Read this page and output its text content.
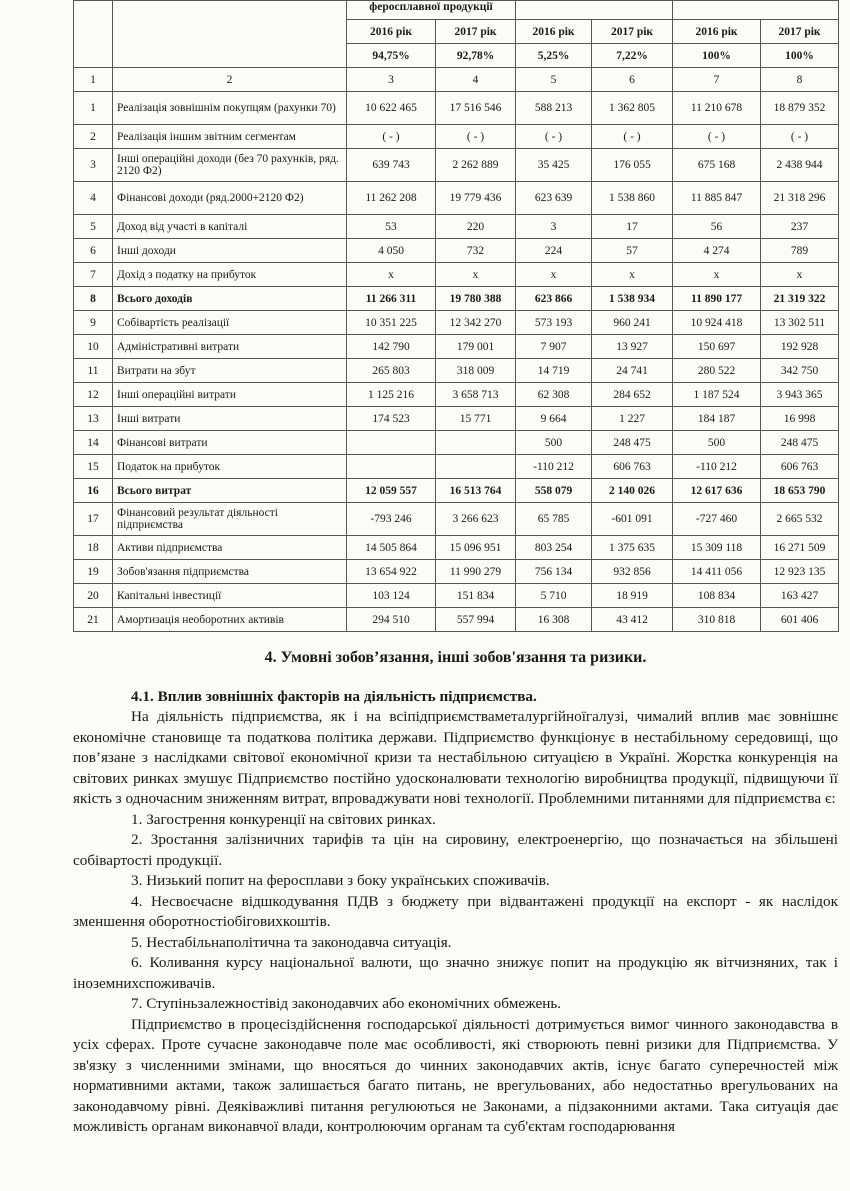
		феросплавної продукції					
		2016 рік	2017 рік	2016 рік	2017 рік	2016 рік	2017 рік
		94,75%	92,78%	5,25%	7,22%	100%	100%
1	2	3	4	5	6	7	8
1	Реалізація зовнішнім покупцям (рахунки 70)	10 622 465	17 516 546	588 213	1 362 805	11 210 678	18 879 352
2	Реалізація іншим звітним сегментам	( - )	( - )	( - )	( - )	( - )	( - )
3	Інші операційні доходи (без 70 рахунків, ряд. 2120 Ф2)	639 743	2 262 889	35 425	176 055	675 168	2 438 944
4	Фінансові доходи (ряд.2000+2120 Ф2)	11 262 208	19 779 436	623 639	1 538 860	11 885 847	21 318 296
5	Доход від участі в капіталі	53	220	3	17	56	237
6	Інші доходи	4 050	732	224	57	4 274	789
7	Дохід з податку на прибуток	х	х	х	х	х	х
8	Всього доходів	11 266 311	19 780 388	623 866	1 538 934	11 890 177	21 319 322
9	Собівартість реалізації	10 351 225	12 342 270	573 193	960 241	10 924 418	13 302 511
10	Адміністративні витрати	142 790	179 001	7 907	13 927	150 697	192 928
11	Витрати на збут	265 803	318 009	14 719	24 741	280 522	342 750
12	Інші операційні витрати	1 125 216	3 658 713	62 308	284 652	1 187 524	3 943 365
13	Інші витрати	174 523	15 771	9 664	1 227	184 187	16 998
14	Фінансові витрати			500	248 475	500	248 475
15	Податок на прибуток			-110 212	606 763	-110 212	606 763
16	Всього витрат	12 059 557	16 513 764	558 079	2 140 026	12 617 636	18 653 790
17	Фінансовий результат діяльності підприємства	-793 246	3 266 623	65 785	-601 091	-727 460	2 665 532
18	Активи підприємства	14 505 864	15 096 951	803 254	1 375 635	15 309 118	16 271 509
19	Зобов'язання підприємства	13 654 922	11 990 279	756 134	932 856	14 411 056	12 923 135
20	Капітальні інвестиції	103 124	151 834	5 710	18 919	108 834	163 427
21	Амортизація необоротних активів	294 510	557 994	16 308	43 412	310 818	601 406

4. Умовні зобов’язання, інші зобов'язання та ризики.

4.1. Вплив зовнішніх факторів на діяльність підприємства.

На діяльність підприємства, як і на всіпідприємстваметалургійноїгалузі, чималий вплив має зовнішнє економічне становище та податкова політика держави. Підприємство функціонує в нестабільному середовищі, що пов’язане з наслідками світової економічної кризи та нестабільною ситуацією в Україні. Жорстка конкуренція на світових ринках змушує Підприємство постійно удосконалювати технологію виробництва продукції, підвищуючи її якість з одночасним зниженням витрат, впроваджувати нові технології. Проблемними питаннями для підприємства є:

1. Загострення конкуренції на світових ринках.

2. Зростання залізничних тарифів та цін на сировину, електроенергію, що позначається на збільшені собівартості продукції.

3. Низький попит на феросплави з боку українських споживачів.

4. Несвоєчасне відшкодування ПДВ з бюджету при відвантажені продукції на експорт - як наслідок зменшення оборотностіобіговихкоштів.

5. Нестабільнаполітична та законодавча ситуація.

6. Коливання курсу національної валюти, що значно знижує попит на продукцію як вітчизняних, так і іноземнихспоживачів.

7. Ступіньзалежностівід законодавчих або економічних обмежень.

Підприємство в процесіздійснення господарської діяльності дотримується вимог чинного законодавства в усіх сферах. Проте сучасне законодавче поле має особливості, які створюють певні ризики для Підприємства. У зв'язку з численними змінами, що вносяться до чинних законодавчих актів, існує багато суперечностей між нормативними актами, також залишається багато питань, не врегульованих, або недостатньо врегульованих на законодавчому рівні. Деяківажливі питання регулюються не Законами, а підзаконними актами. Така ситуація дає можливість органам виконавчої влади, контролюючим органам та суб'єктам господарювання
